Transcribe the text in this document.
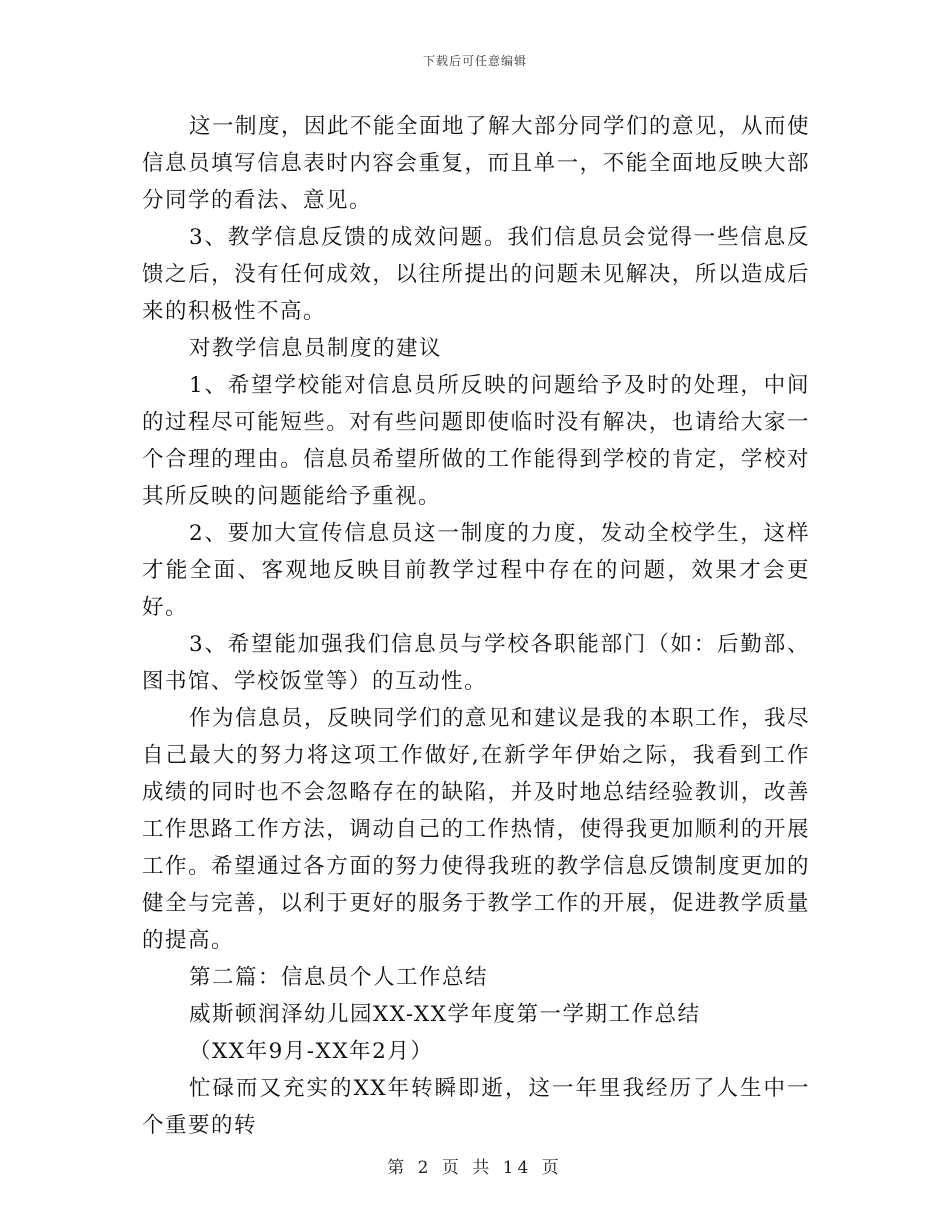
下载后可任意编辑

这一制度，因此不能全面地了解大部分同学们的意见，从而使信息员填写信息表时内容会重复，而且单一，不能全面地反映大部分同学的看法、意见。

3、教学信息反馈的成效问题。我们信息员会觉得一些信息反馈之后，没有任何成效，以往所提出的问题未见解决，所以造成后来的积极性不高。

对教学信息员制度的建议

1、希望学校能对信息员所反映的问题给予及时的处理，中间的过程尽可能短些。对有些问题即使临时没有解决，也请给大家一个合理的理由。信息员希望所做的工作能得到学校的肯定，学校对其所反映的问题能给予重视。

2、要加大宣传信息员这一制度的力度，发动全校学生，这样才能全面、客观地反映目前教学过程中存在的问题，效果才会更好。

3、希望能加强我们信息员与学校各职能部门（如：后勤部、图书馆、学校饭堂等）的互动性。

作为信息员，反映同学们的意见和建议是我的本职工作，我尽自己最大的努力将这项工作做好,在新学年伊始之际，我看到工作成绩的同时也不会忽略存在的缺陷，并及时地总结经验教训，改善工作思路工作方法，调动自己的工作热情，使得我更加顺利的开展工作。希望通过各方面的努力使得我班的教学信息反馈制度更加的健全与完善，以利于更好的服务于教学工作的开展，促进教学质量的提高。

第二篇：信息员个人工作总结

威斯顿润泽幼儿园XX-XX学年度第一学期工作总结

（XX年9月-XX年2月）

忙碌而又充实的XX年转瞬即逝，这一年里我经历了人生中一个重要的转

第 2 页 共 14 页
